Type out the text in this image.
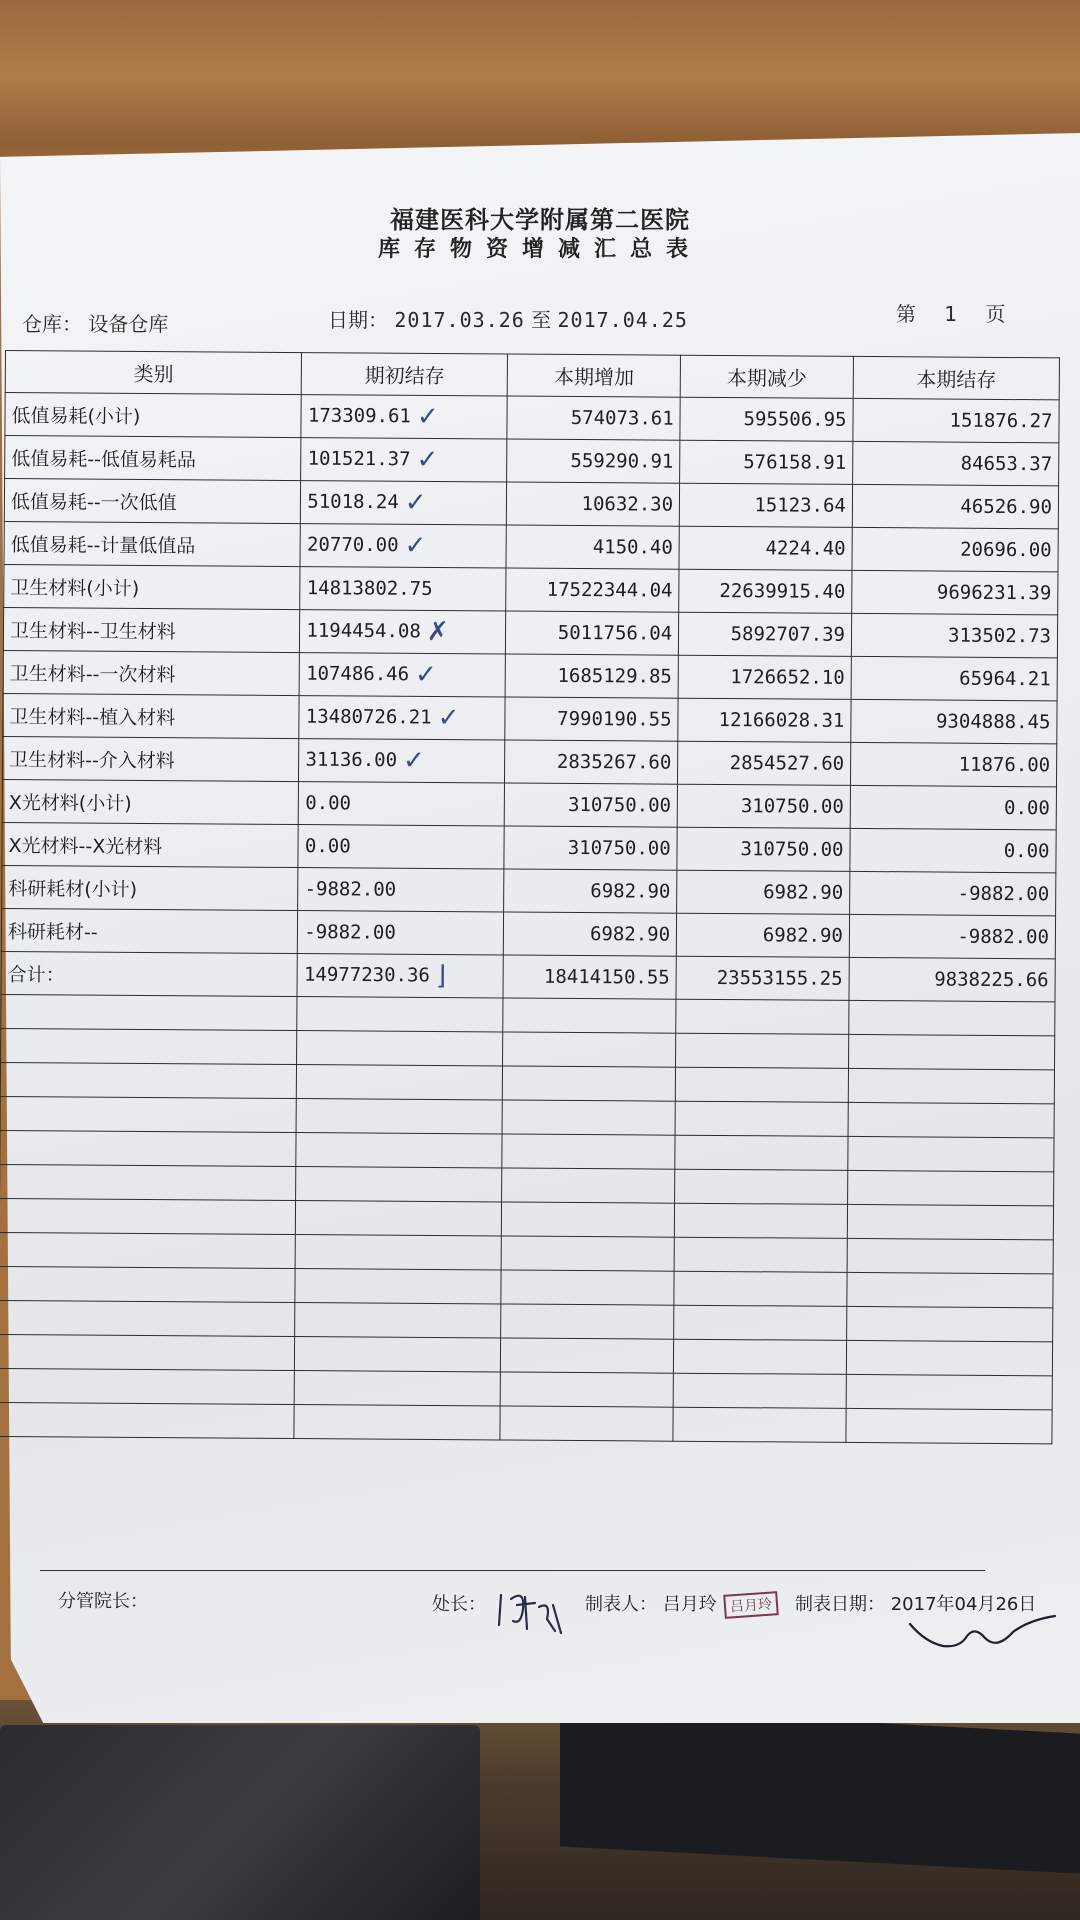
福建医科大学附属第二医院
库存物资增减汇总表
仓库： 设备仓库	日期： 2017.03.26 至 2017.04.25	第 1 页
类别	期初结存	本期增加	本期减少	本期结存
低值易耗(小计)	173309.61 ✓	574073.61	595506.95	151876.27
低值易耗--低值易耗品	101521.37 ✓	559290.91	576158.91	84653.37
低值易耗--一次低值	51018.24 ✓	10632.30	15123.64	46526.90
低值易耗--计量低值品	20770.00 ✓	4150.40	4224.40	20696.00
卫生材料(小计)	14813802.75	17522344.04	22639915.40	9696231.39
卫生材料--卫生材料	1194454.08 ✗	5011756.04	5892707.39	313502.73
卫生材料--一次材料	107486.46 ✓	1685129.85	1726652.10	65964.21
卫生材料--植入材料	13480726.21 ✓	7990190.55	12166028.31	9304888.45
卫生材料--介入材料	31136.00 ✓	2835267.60	2854527.60	11876.00
X光材料(小计)	0.00	310750.00	310750.00	0.00
X光材料--X光材料	0.00	310750.00	310750.00	0.00
科研耗材(小计)	-9882.00	6982.90	6982.90	-9882.00
科研耗材--	-9882.00	6982.90	6982.90	-9882.00
合计：	14977230.36 ⌋	18414150.55	23553155.25	9838225.66

分管院长：	处长：	制表人： 吕月玲 吕月玲	制表日期： 2017年04月26日
